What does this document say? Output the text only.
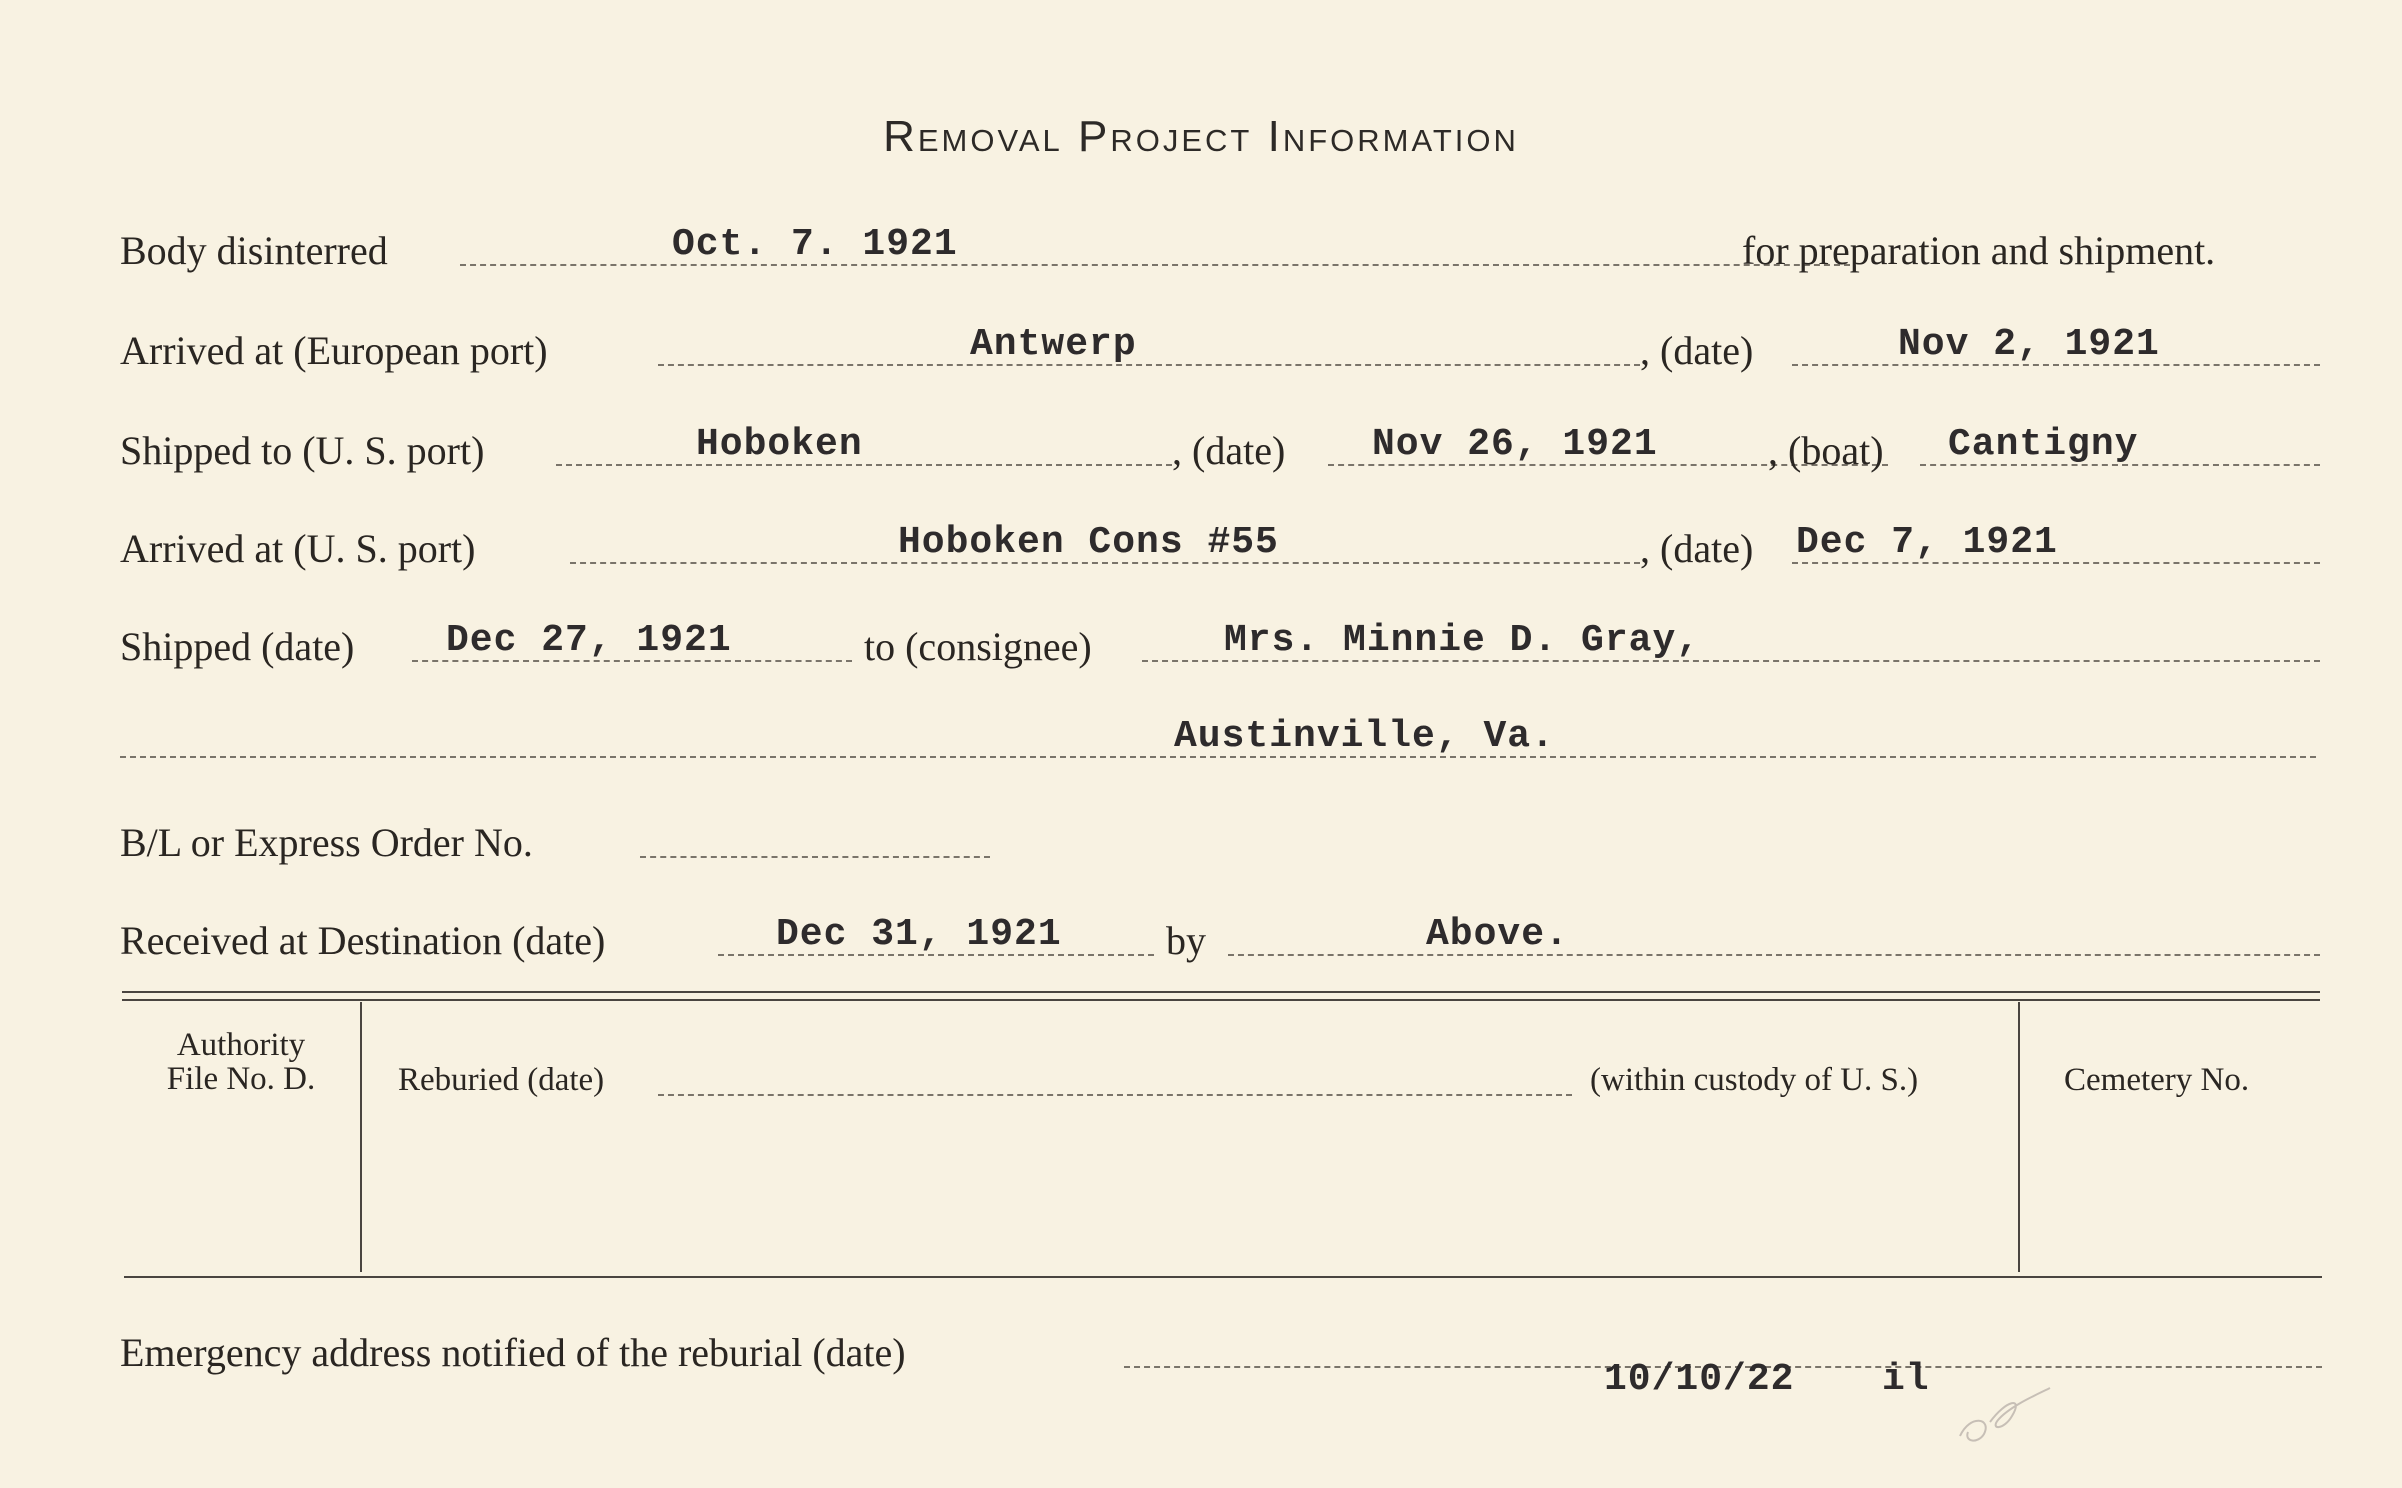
Removal Project Information
Body disinterred	Oct. 7. 1921	for preparation and shipment.
Arrived at (European port)	Antwerp	, (date)	Nov 2, 1921
Shipped to (U. S. port)	Hoboken	, (date) Nov 26, 1921	, (boat) Cantigny
Arrived at (U. S. port)	Hoboken Cons #55	, (date) Dec 7, 1921
Shipped (date) Dec 27, 1921	to (consignee)	Mrs. Minnie D. Gray,
Austinville, Va.
B/L or Express Order No.
Received at Destination (date)	Dec 31, 1921	by	Above.
Authority
File No. D.	Reburied (date)	(within custody of U. S.)	Cemetery No.
Emergency address notified of the reburial (date)
10/10/22 il
